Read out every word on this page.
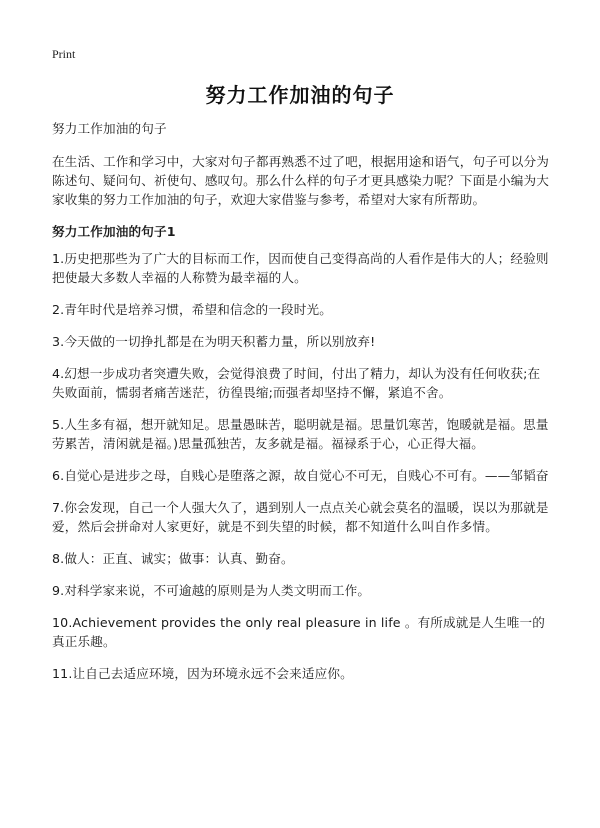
Print
努力工作加油的句子

努力工作加油的句子

在生活、工作和学习中，大家对句子都再熟悉不过了吧，根据用途和语气，句子可以分为陈述句、疑问句、祈使句、感叹句。那么什么样的句子才更具感染力呢？下面是小编为大家收集的努力工作加油的句子，欢迎大家借鉴与参考，希望对大家有所帮助。

努力工作加油的句子1

1.历史把那些为了广大的目标而工作，因而使自己变得高尚的人看作是伟大的人；经验则把使最大多数人幸福的人称赞为最幸福的人。
2.青年时代是培养习惯，希望和信念的一段时光。
3.今天做的一切挣扎都是在为明天积蓄力量，所以别放弃!
4.幻想一步成功者突遭失败，会觉得浪费了时间，付出了精力，却认为没有任何收获;在失败面前，懦弱者痛苦迷茫，彷徨畏缩;而强者却坚持不懈，紧追不舍。
5.人生多有福，想开就知足。思量愚昧苦，聪明就是福。思量饥寒苦，饱暖就是福。思量劳累苦，清闲就是福。)思量孤独苦，友多就是福。福禄系于心，心正得大福。
6.自觉心是进步之母，自贱心是堕落之源，故自觉心不可无，自贱心不可有。——邹韬奋
7.你会发现，自己一个人强大久了，遇到别人一点点关心就会莫名的温暖，误以为那就是爱，然后会拼命对人家更好，就是不到失望的时候，都不知道什么叫自作多情。
8.做人：正直、诚实；做事：认真、勤奋。
9.对科学家来说，不可逾越的原则是为人类文明而工作。
10.Achievement provides the only real pleasure in life 。有所成就是人生唯一的真正乐趣。
11.让自己去适应环境，因为环境永远不会来适应你。
